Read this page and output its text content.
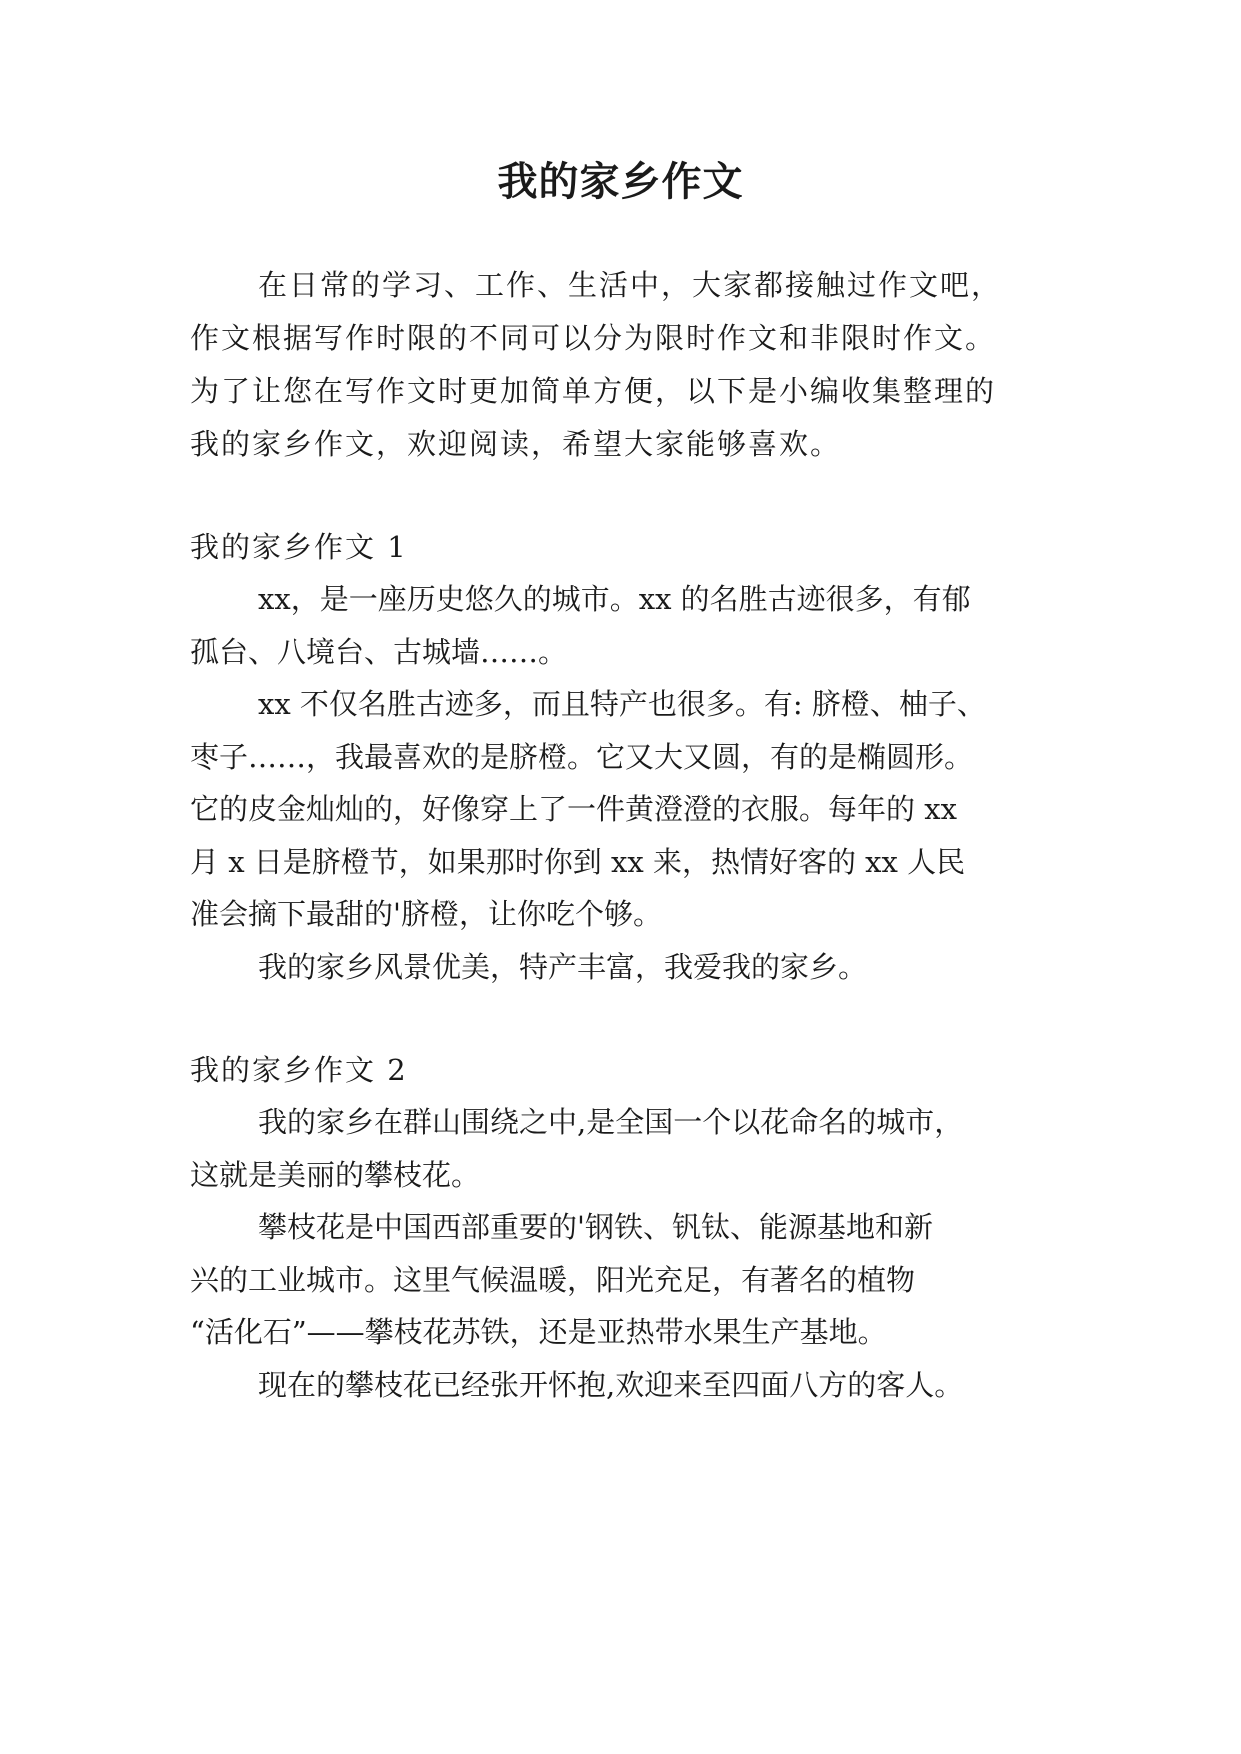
我的家乡作文
在日常的学习、工作、生活中，大家都接触过作文吧，
作文根据写作时限的不同可以分为限时作文和非限时作文。
为了让您在写作文时更加简单方便，以下是小编收集整理的
我的家乡作文，欢迎阅读，希望大家能够喜欢。
我的家乡作文 1
xx，是一座历史悠久的城市。xx 的名胜古迹很多，有郁
孤台、八境台、古城墙……。
xx 不仅名胜古迹多，而且特产也很多。有: 脐橙、柚子、
枣子……，我最喜欢的是脐橙。它又大又圆，有的是椭圆形。
它的皮金灿灿的，好像穿上了一件黄澄澄的衣服。每年的 xx
月 x 日是脐橙节，如果那时你到 xx 来，热情好客的 xx 人民
准会摘下最甜的'脐橙，让你吃个够。
我的家乡风景优美，特产丰富，我爱我的家乡。
我的家乡作文 2
我的家乡在群山围绕之中,是全国一个以花命名的城市，
这就是美丽的攀枝花。
攀枝花是中国西部重要的'钢铁、钒钛、能源基地和新
兴的工业城市。这里气候温暖，阳光充足，有著名的植物
“活化石”——攀枝花苏铁，还是亚热带水果生产基地。
现在的攀枝花已经张开怀抱,欢迎来至四面八方的客人。
